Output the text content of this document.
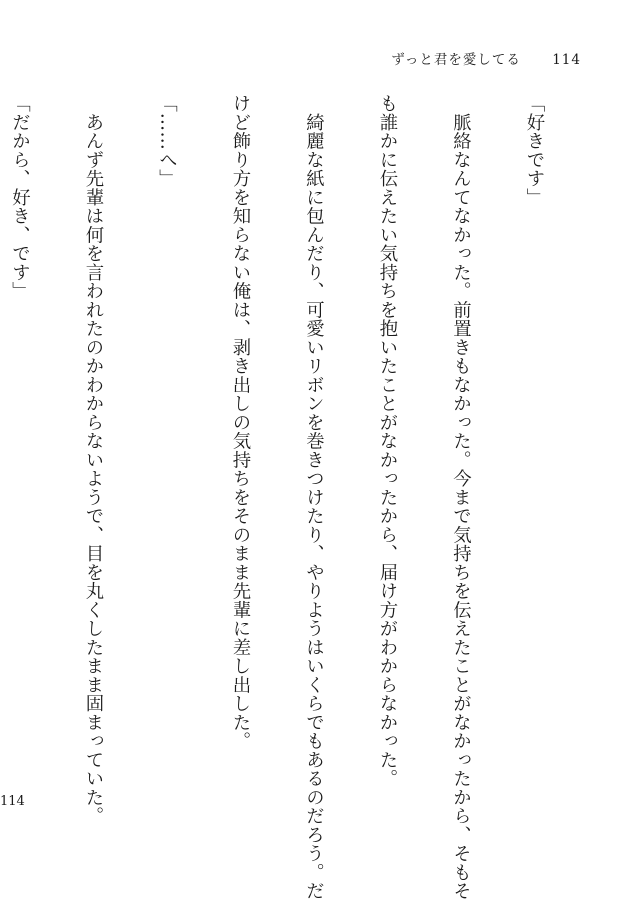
ずっと君を愛してる 114

「好きです」

　脈絡なんてなかった。前置きもなかった。今まで気持ちを伝えたことがなかったから、そもそ

も誰かに伝えたい気持ちを抱いたことがなかったから、届け方がわからなかった。

　綺麗な紙に包んだり、可愛いリボンを巻きつけたり、やりようはいくらでもあるのだろう。だ

けど飾り方を知らない俺は、剥き出しの気持ちをそのまま先輩に差し出した。

「……へ」

　あんず先輩は何を言われたのかわからないようで、目を丸くしたまま固まっていた。

「だから、好き、です」

114
